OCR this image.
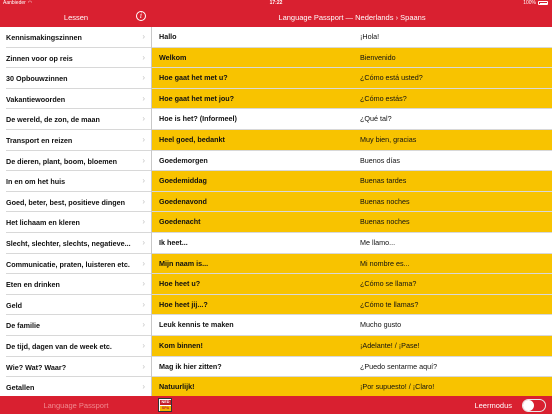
Aanbieder ◠	17:22	100%
Lessen	i	Language Passport — Nederlands › Spaans
Kennismakingszinnen	›
Zinnen voor op reis	›
30 Opbouwzinnen	›
Vakantiewoorden	›
De wereld, de zon, de maan	›
Transport en reizen	›
De dieren, plant, boom, bloemen	›
In en om het huis	›
Goed, beter, best, positieve dingen	›
Het lichaam en kleren	›
Slecht, slechter, slechts, negatieve...	›
Communicatie, praten, luisteren etc.	›
Eten en drinken	›
Geld	›
De familie	›
De tijd, dagen van de week etc.	›
Wie? Wat? Waar?	›
Getallen	›
Hallo	¡Hola!
Welkom	Bienvenido
Hoe gaat het met u?	¿Cómo está usted?
Hoe gaat het met jou?	¿Cómo estás?
Hoe is het? (Informeel)	¿Qué tal?
Heel goed, bedankt	Muy bien, gracias
Goedemorgen	Buenos días
Goedemiddag	Buenas tardes
Goedenavond	Buenas noches
Goedenacht	Buenas noches
Ik heet...	Me llamo...
Mijn naam is...	Mi nombre es...
Hoe heet u?	¿Cómo se llama?
Hoe heet jij...?	¿Cómo te llamas?
Leuk kennis te maken	Mucho gusto
Kom binnen!	¡Adelante! / ¡Pase!
Mag ik hier zitten?	¿Puedo sentarme aquí?
Natuurlijk!	¡Por supuesto! / ¡Claro!
Language Passport	NED
SPA	Leermodus
